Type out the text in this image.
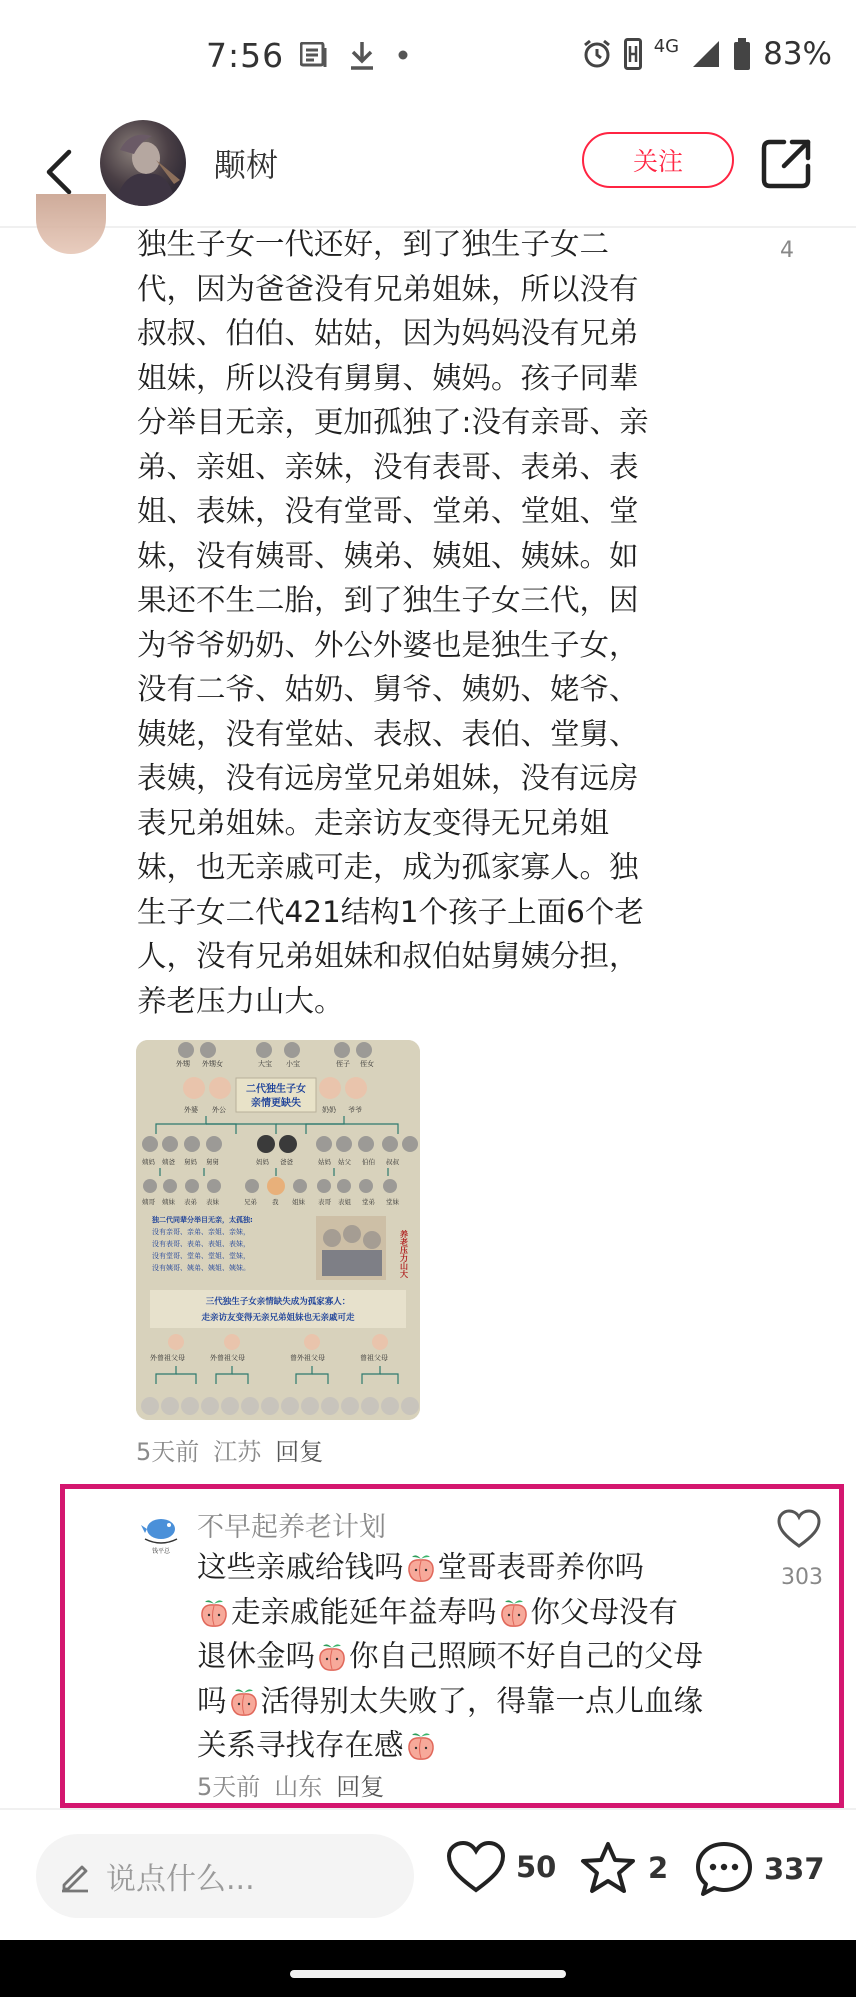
7:56	4G	83%
颙树	关注
独生子女一代还好，到了独生子女二
代，因为爸爸没有兄弟姐妹，所以没有
叔叔、伯伯、姑姑，因为妈妈没有兄弟
姐妹，所以没有舅舅、姨妈。孩子同辈
分举目无亲，更加孤独了:没有亲哥、亲
弟、亲姐、亲妹，没有表哥、表弟、表
姐、表妹，没有堂哥、堂弟、堂姐、堂
妹，没有姨哥、姨弟、姨姐、姨妹。如
果还不生二胎，到了独生子女三代，因
为爷爷奶奶、外公外婆也是独生子女，
没有二爷、姑奶、舅爷、姨奶、姥爷、
姨姥，没有堂姑、表叔、表伯、堂舅、
表姨，没有远房堂兄弟姐妹，没有远房
表兄弟姐妹。走亲访友变得无兄弟姐
妹，也无亲戚可走，成为孤家寡人。独
生子女二代421结构1个孩子上面6个老
人，没有兄弟姐妹和叔伯姑舅姨分担，
养老压力山大。
4
外甥 外甥女	大宝 小宝	侄子 侄女
二代独生子女
亲情更缺失
外婆 外公	奶奶 爷爷
姨妈 姨爸 舅妈 舅舅	妈妈 爸爸	姑妈 姑父 伯伯 叔叔
姨哥 姨妹 表弟 表妹	兄弟 我 姐妹 表哥 表姐 堂弟 堂妹
独二代同辈分举目无亲，太孤独:
没有亲哥、亲弟、亲姐、亲妹，
没有表哥、表弟、表姐、表妹，
没有堂哥、堂弟、堂姐、堂妹，
没有姨哥、姨弟、姨姐、姨妹。	养老压力山大
三代独生子女亲情缺失成为孤家寡人：
走亲访友变得无亲兄弟姐妹也无亲戚可走
外曾祖父母	外曾祖父母	曾外祖父母	曾祖父母
5天前 江苏 回复
钱平总
不早起养老计划
这些亲戚给钱吗 堂哥表哥养你吗
走亲戚能延年益寿吗 你父母没有退休金吗 你自己照顾不好自己的父母吗 活得别太失败了，得靠一点儿血缘关系寻找存在感
5天前 山东 回复
303
说点什么...	50	2	337
